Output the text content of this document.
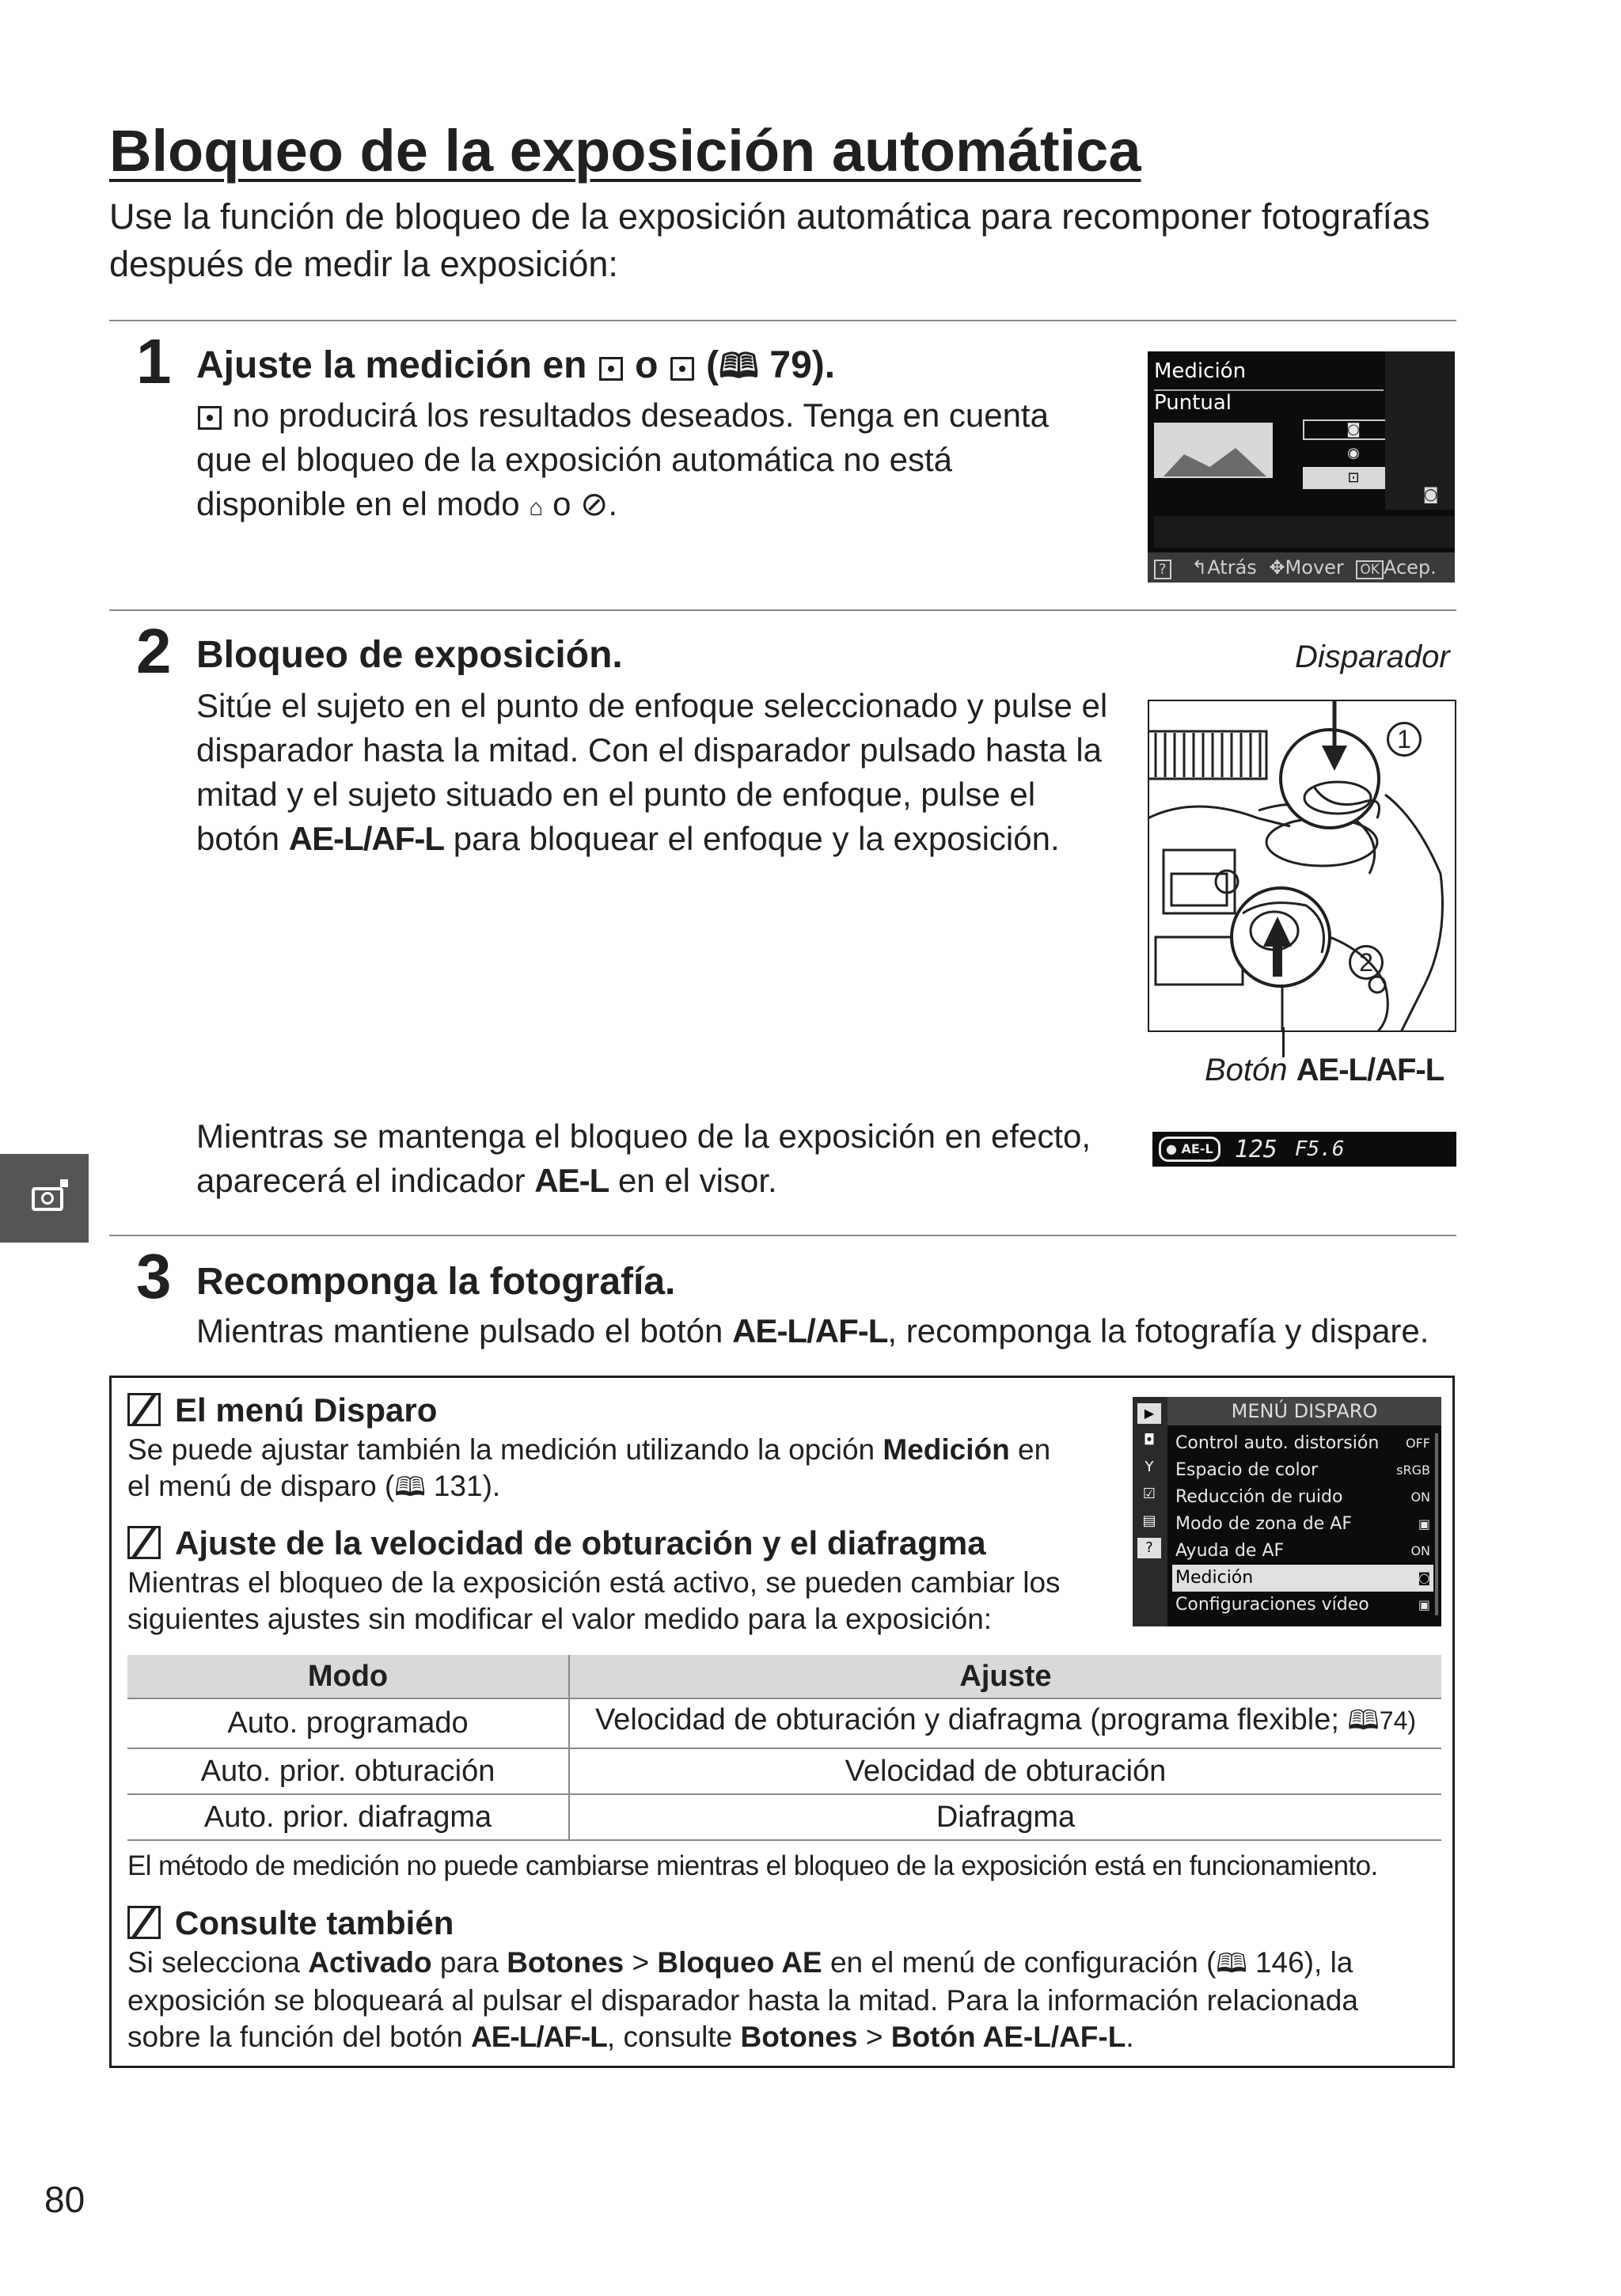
Bloqueo de la exposición automática

Use la función de bloqueo de la exposición automática para recomponer fotografías después de medir la exposición:

1 Ajuste la medición en o (🕮 79).
no producirá los resultados deseados. Tenga en cuenta
que el bloqueo de la exposición automática no está
disponible en el modo ⌂ o ⊘.
Medición
Puntual
◙
◉
⊡
◙
? ↰Atrás ✥Mover OK Acep.
2 Bloqueo de exposición.
Sitúe el sujeto en el punto de enfoque seleccionado y pulse el
disparador hasta la mitad. Con el disparador pulsado hasta la
mitad y el sujeto situado en el punto de enfoque, pulse el
botón AE-L/AF-L para bloquear el enfoque y la exposición.
Disparador
1
2
Botón AE-L/AF-L
Mientras se mantenga el bloqueo de la exposición en efecto,
aparecerá el indicador AE-L en el visor.
● AE-L 125 F5.6
3 Recomponga la fotografía.
Mientras mantiene pulsado el botón AE-L/AF-L, recomponga la fotografía y dispare.
El menú Disparo
Se puede ajustar también la medición utilizando la opción Medición en
el menú de disparo (🕮 131).
Ajuste de la velocidad de obturación y el diafragma
Mientras el bloqueo de la exposición está activo, se pueden cambiar los
siguientes ajustes sin modificar el valor medido para la exposición:
▶
◘
Y
☑
▤
?
MENÚ DISPARO
Control auto. distorsión OFF
Espacio de color	sRGB
Reducción de ruido	ON
Modo de zona de AF	▣
Ayuda de AF	ON
Medición	◙
Configuraciones vídeo	▣
Modo	Ajuste
Auto. programado	Velocidad de obturación y diafragma (programa flexible; 🕮74)
Auto. prior. obturación	Velocidad de obturación
Auto. prior. diafragma	Diafragma
El método de medición no puede cambiarse mientras el bloqueo de la exposición está en funcionamiento.
Consulte también
Si selecciona Activado para Botones > Bloqueo AE en el menú de configuración (🕮 146), la
exposición se bloqueará al pulsar el disparador hasta la mitad. Para la información relacionada
sobre la función del botón AE-L/AF-L, consulte Botones > Botón AE-L/AF-L.
80
